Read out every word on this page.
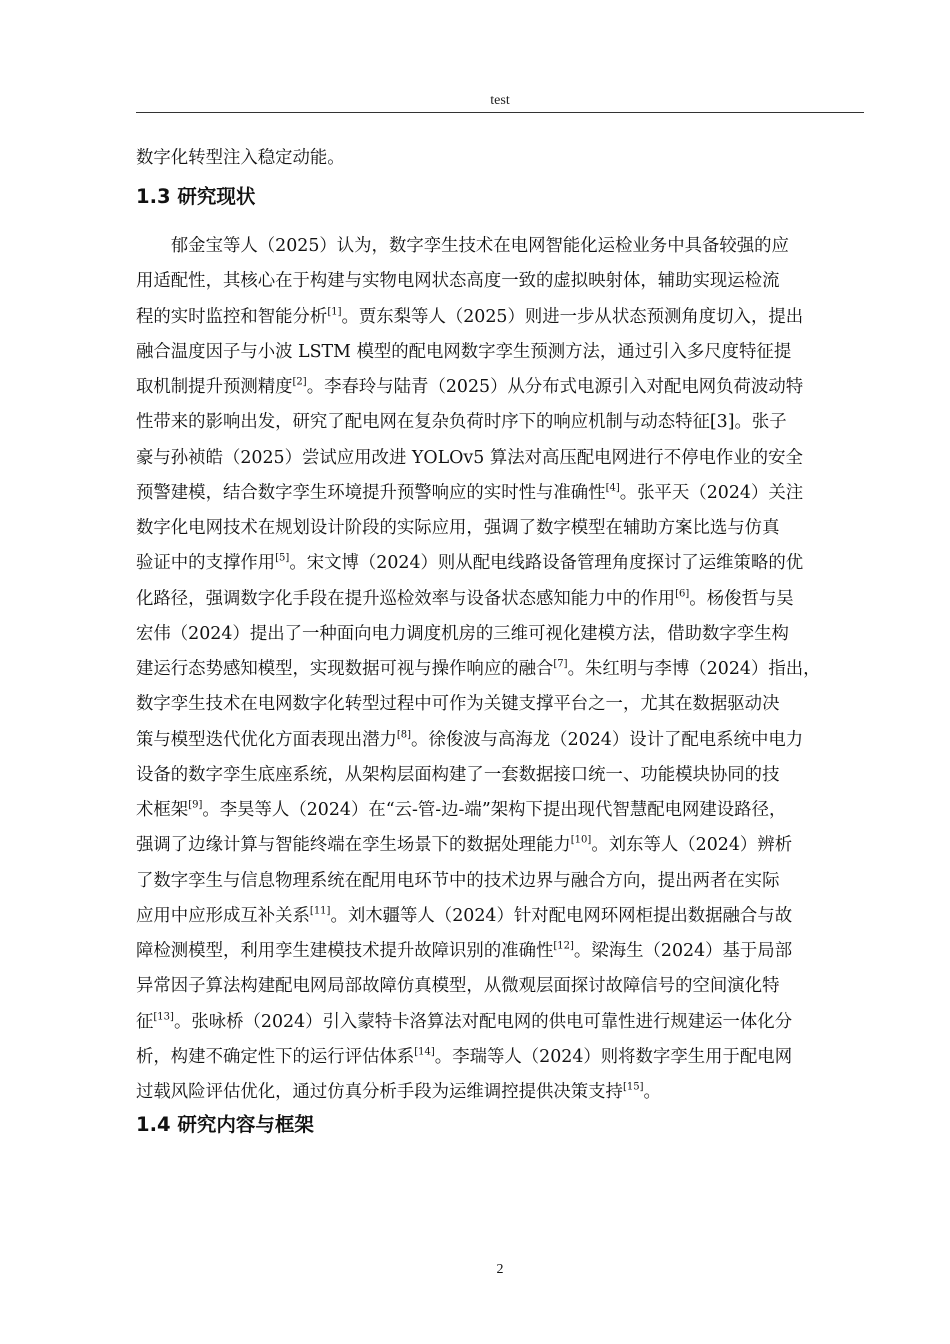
test
数字化转型注入稳定动能。
1.3 研究现状
　　郁金宝等人（2025）认为，数字孪生技术在电网智能化运检业务中具备较强的应
用适配性，其核心在于构建与实物电网状态高度一致的虚拟映射体，辅助实现运检流
程的实时监控和智能分析[1]。贾东梨等人（2025）则进一步从状态预测角度切入，提出
融合温度因子与小波 LSTM 模型的配电网数字孪生预测方法，通过引入多尺度特征提
取机制提升预测精度[2]。李春玲与陆青（2025）从分布式电源引入对配电网负荷波动特
性带来的影响出发，研究了配电网在复杂负荷时序下的响应机制与动态特征[3]。张子
豪与孙祯皓（2025）尝试应用改进 YOLOv5 算法对高压配电网进行不停电作业的安全
预警建模，结合数字孪生环境提升预警响应的实时性与准确性[4]。张平天（2024）关注
数字化电网技术在规划设计阶段的实际应用，强调了数字模型在辅助方案比选与仿真
验证中的支撑作用[5]。宋文博（2024）则从配电线路设备管理角度探讨了运维策略的优
化路径，强调数字化手段在提升巡检效率与设备状态感知能力中的作用[6]。杨俊哲与吴
宏伟（2024）提出了一种面向电力调度机房的三维可视化建模方法，借助数字孪生构
建运行态势感知模型，实现数据可视与操作响应的融合[7]。朱红明与李博（2024）指出，
数字孪生技术在电网数字化转型过程中可作为关键支撑平台之一，尤其在数据驱动决
策与模型迭代优化方面表现出潜力[8]。徐俊波与高海龙（2024）设计了配电系统中电力
设备的数字孪生底座系统，从架构层面构建了一套数据接口统一、功能模块协同的技
术框架[9]。李昊等人（2024）在“云-管-边-端”架构下提出现代智慧配电网建设路径，
强调了边缘计算与智能终端在孪生场景下的数据处理能力[10]。刘东等人（2024）辨析
了数字孪生与信息物理系统在配用电环节中的技术边界与融合方向，提出两者在实际
应用中应形成互补关系[11]。刘木疆等人（2024）针对配电网环网柜提出数据融合与故
障检测模型，利用孪生建模技术提升故障识别的准确性[12]。梁海生（2024）基于局部
异常因子算法构建配电网局部故障仿真模型，从微观层面探讨故障信号的空间演化特
征[13]。张咏桥（2024）引入蒙特卡洛算法对配电网的供电可靠性进行规建运一体化分
析，构建不确定性下的运行评估体系[14]。李瑞等人（2024）则将数字孪生用于配电网
过载风险评估优化，通过仿真分析手段为运维调控提供决策支持[15]。
1.4 研究内容与框架
2
